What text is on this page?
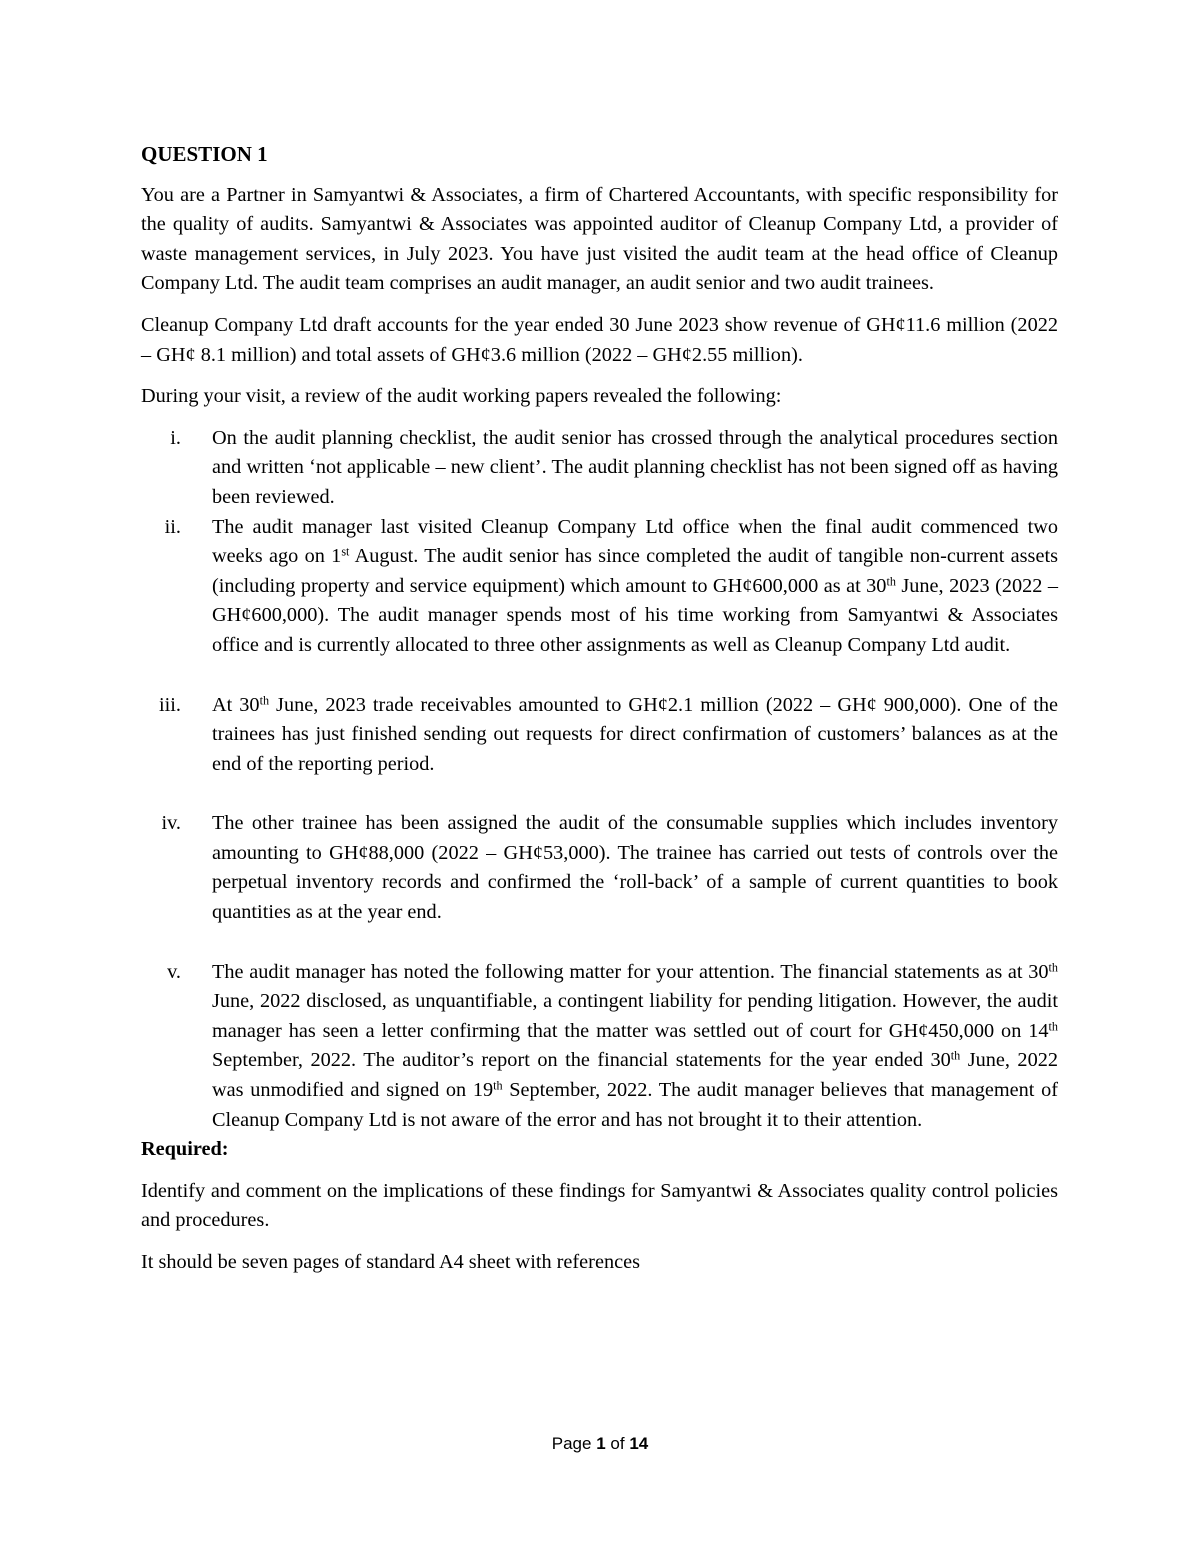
QUESTION 1

You are a Partner in Samyantwi & Associates, a firm of Chartered Accountants, with specific responsibility for the quality of audits. Samyantwi & Associates was appointed auditor of Cleanup Company Ltd, a provider of waste management services, in July 2023. You have just visited the audit team at the head office of Cleanup Company Ltd. The audit team comprises an audit manager, an audit senior and two audit trainees.

Cleanup Company Ltd draft accounts for the year ended 30 June 2023 show revenue of GH¢11.6 million (2022 – GH¢ 8.1 million) and total assets of GH¢3.6 million (2022 – GH¢2.55 million).

During your visit, a review of the audit working papers revealed the following:

i. On the audit planning checklist, the audit senior has crossed through the analytical procedures section and written ‘not applicable – new client’. The audit planning checklist has not been signed off as having been reviewed.
ii. The audit manager last visited Cleanup Company Ltd office when the final audit commenced two weeks ago on 1st August. The audit senior has since completed the audit of tangible non-current assets (including property and service equipment) which amount to GH¢600,000 as at 30th June, 2023 (2022 – GH¢600,000). The audit manager spends most of his time working from Samyantwi & Associates office and is currently allocated to three other assignments as well as Cleanup Company Ltd audit.
iii. At 30th June, 2023 trade receivables amounted to GH¢2.1 million (2022 – GH¢ 900,000). One of the trainees has just finished sending out requests for direct confirmation of customers’ balances as at the end of the reporting period.
iv. The other trainee has been assigned the audit of the consumable supplies which includes inventory amounting to GH¢88,000 (2022 – GH¢53,000). The trainee has carried out tests of controls over the perpetual inventory records and confirmed the ‘roll-back’ of a sample of current quantities to book quantities as at the year end.
v. The audit manager has noted the following matter for your attention. The financial statements as at 30th June, 2022 disclosed, as unquantifiable, a contingent liability for pending litigation. However, the audit manager has seen a letter confirming that the matter was settled out of court for GH¢450,000 on 14th September, 2022. The auditor’s report on the financial statements for the year ended 30th June, 2022 was unmodified and signed on 19th September, 2022. The audit manager believes that management of Cleanup Company Ltd is not aware of the error and has not brought it to their attention.
Required:

Identify and comment on the implications of these findings for Samyantwi & Associates quality control policies and procedures.

It should be seven pages of standard A4 sheet with references

Page 1 of 14
